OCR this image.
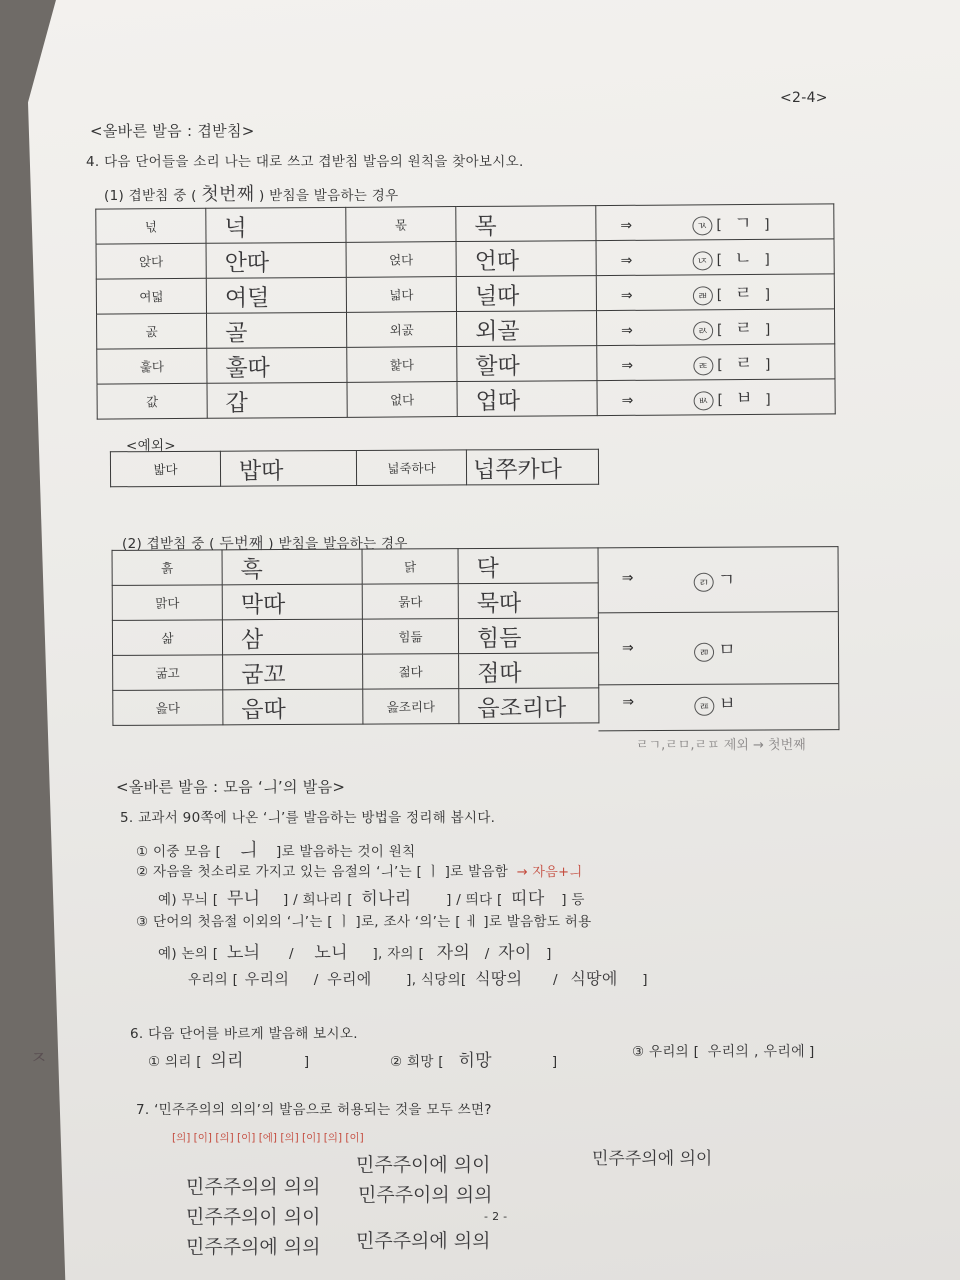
<2-4>
<올바른 발음 : 겹받침>
4. 다음 단어들을 소리 나는 대로 쓰고 겹받침 발음의 원칙을 찾아보시오.
(1) 겹받침 중 ( 첫번째 ) 받침을 발음하는 경우
넋	넉	몫	목	⇒ ㄳ [ ㄱ ]
앉다	안따	얹다	언따	⇒ ㄵ [ ㄴ ]
여덟	여덜	넓다	널따	⇒ ㄼ [ ㄹ ]
곬	골	외곬	외골	⇒ ㄽ [ ㄹ ]
훑다	훌따	핥다	할따	⇒ ㄾ [ ㄹ ]
값	갑	없다	업따	⇒ ㅄ [ ㅂ ]
<예외>
밟다	밥따	넓죽하다	넙쭈카다
(2) 겹받침 중 ( 두번째 ) 받침을 발음하는 경우
흙	흑	닭	닥
맑다	막따	묽다	묵따
삶	삼	힘듦	힘듬
굶고	굼꼬	젊다	점따
읊다	읍따	읊조리다	읍조리다
⇒	ㄺ ㄱ
⇒	ㄻ ㅁ
⇒	ㄿ ㅂ
ㄹㄱ,ㄹㅁ,ㄹㅍ 제외 → 첫번째
<올바른 발음 : 모음 ‘ㅢ’의 발음>
5. 교과서 90쪽에 나온 ‘ㅢ’를 발음하는 방법을 정리해 봅시다.
① 이중 모음 [ ㅢ ]로 발음하는 것이 원칙
② 자음을 첫소리로 가지고 있는 음절의 ‘ㅢ’는 [ ㅣ ]로 발음함 → 자음+ㅢ
예) 무늬 [ 무니 ] / 희나리 [ 히나리	] / 띄다 [ 띠다 ] 등
③ 단어의 첫음절 이외의 ‘ㅢ’는 [ ㅣ ]로, 조사 ‘의’는 [ ㅔ ]로 발음함도 허용
예) 논의 [ 노늬 / 노니 ], 자의 [ 자의 / 자이 ]
우리의 [ 우리의 / 우리에	], 식당의[ 식땅의 / 식땅에 ]
6. 다음 단어를 바르게 발음해 보시오.
① 의리 [ 의리	]	② 희망 [ 히망	]
③ 우리의 [ 우리의 , 우리에 ]
ㅈ
7. ‘민주주의의 의의’의 발음으로 허용되는 것을 모두 쓰면?
[의] [이] [의] [이] [에] [의] [이] [의] [이]
민주주의의 의의
민주주이에 의이
민주주의이 의이
민주주이의 의의
민주주의에 의의 민주주의에 의의
민주주의에 의이
- 2 -
